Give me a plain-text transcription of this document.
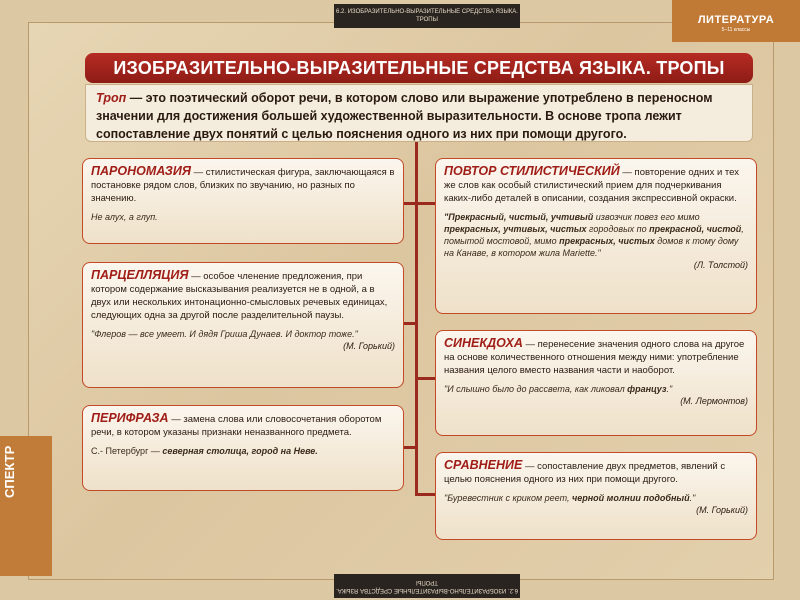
6.2. ИЗОБРАЗИТЕЛЬНО-ВЫРАЗИТЕЛЬНЫЕ СРЕДСТВА ЯЗЫКА. ТРОПЫ
6.2. ИЗОБРАЗИТЕЛЬНО-ВЫРАЗИТЕЛЬНЫЕ СРЕДСТВА ЯЗЫКА. ТРОПЫ
ЛИТЕРАТУРА
5–11 классы
СПЕКТР
ИЗОБРАЗИТЕЛЬНО-ВЫРАЗИТЕЛЬНЫЕ СРЕДСТВА ЯЗЫКА. ТРОПЫ
Троп — это поэтический оборот речи, в котором слово или выражение употреблено в переносном значении для достижения большей художественной выразительности. В основе тропа лежит сопоставление двух понятий с целью пояснения одного из них при помощи другого.
ПАРОНОМАЗИЯ — стилистическая фигура, заключающаяся в постановке рядом слов, близких по звучанию, но разных по значению.
Не алух, а глуп.
ПАРЦЕЛЛЯЦИЯ — особое членение предложения, при котором содержание высказывания реализуется не в одной, а в двух или нескольких интонационно-смысловых речевых единицах, следующих одна за другой после разделительной паузы.
"Флеров — все умеет. И дядя Гриша Дунаев. И доктор тоже."
(М. Горький)
ПЕРИФРАЗА — замена слова или словосочетания оборотом речи, в котором указаны признаки неназванного предмета.
С.- Петербург — северная столица, город на Неве.
ПОВТОР СТИЛИСТИЧЕСКИЙ — повторение одних и тех же слов как особый стилистический прием для подчеркивания каких-либо деталей в описании, создания экспрессивной окраски.
"Прекрасный, чистый, учтивый извозчик повез его мимо прекрасных, учтивых, чистых городовых по прекрасной, чистой, помытой мостовой, мимо прекрасных, чистых домов к тому дому на Канаве, в котором жила Mariette."
(Л. Толстой)
СИНЕКДОХА — перенесение значения одного слова на другое на основе количественного отношения между ними: употребление названия целого вместо названия части и наоборот.
"И слышно было до рассвета, как ликовал француз."
(М. Лермонтов)
СРАВНЕНИЕ — сопоставление двух предметов, явлений с целью пояснения одного из них при помощи другого.
"Буревестник с криком реет, черной молнии подобный."
(М. Горький)
